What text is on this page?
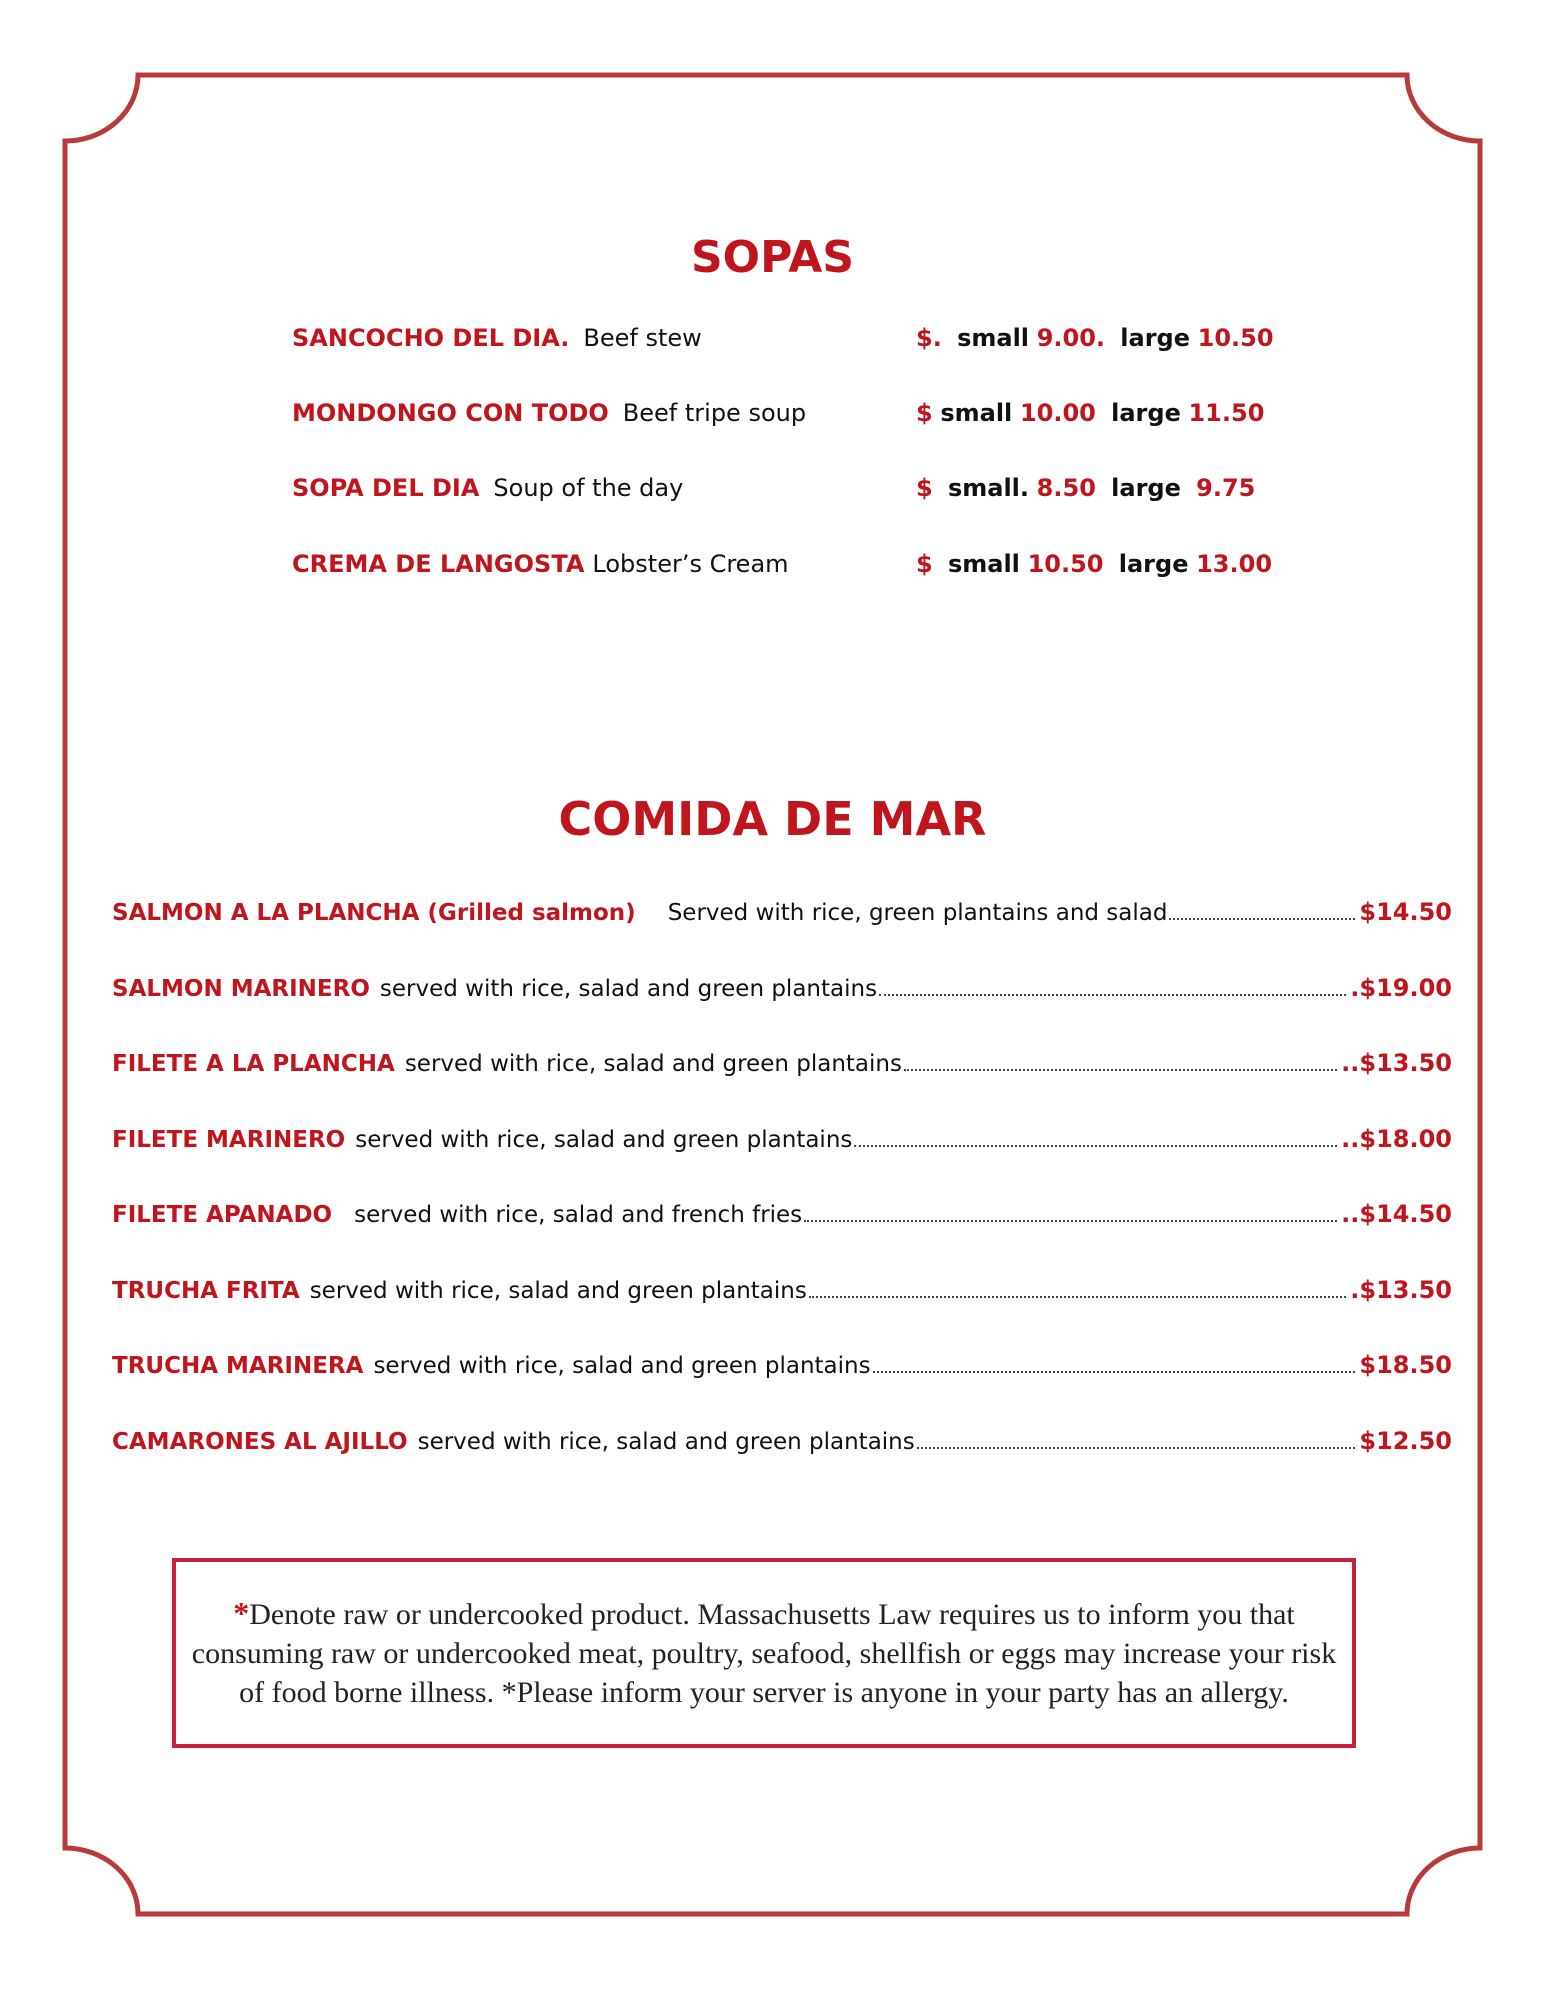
SOPAS
SANCOCHO DEL DIA. Beef stew	$. small 9.00. large 10.50
MONDONGO CON TODO Beef tripe soup	$ small 10.00 large 11.50
SOPA DEL DIA Soup of the day	$ small. 8.50 large 9.75
CREMA DE LANGOSTA Lobster’s Cream	$ small 10.50 large 13.00
COMIDA DE MAR
SALMON A LA PLANCHA (Grilled salmon) Served with rice, green plantains and salad	$14.50
SALMON MARINERO served with rice, salad and green plantains	.$19.00
FILETE A LA PLANCHA served with rice, salad and green plantains	..$13.50
FILETE MARINERO served with rice, salad and green plantains	..$18.00
FILETE APANADO served with rice, salad and french fries	..$14.50
TRUCHA FRITA served with rice, salad and green plantains	.$13.50
TRUCHA MARINERA served with rice, salad and green plantains	$18.50
CAMARONES AL AJILLO served with rice, salad and green plantains	$12.50
*Denote raw or undercooked product. Massachusetts Law requires us to inform you that consuming raw or undercooked meat, poultry, seafood, shellfish or eggs may increase your risk of food borne illness. *Please inform your server is anyone in your party has an allergy.
